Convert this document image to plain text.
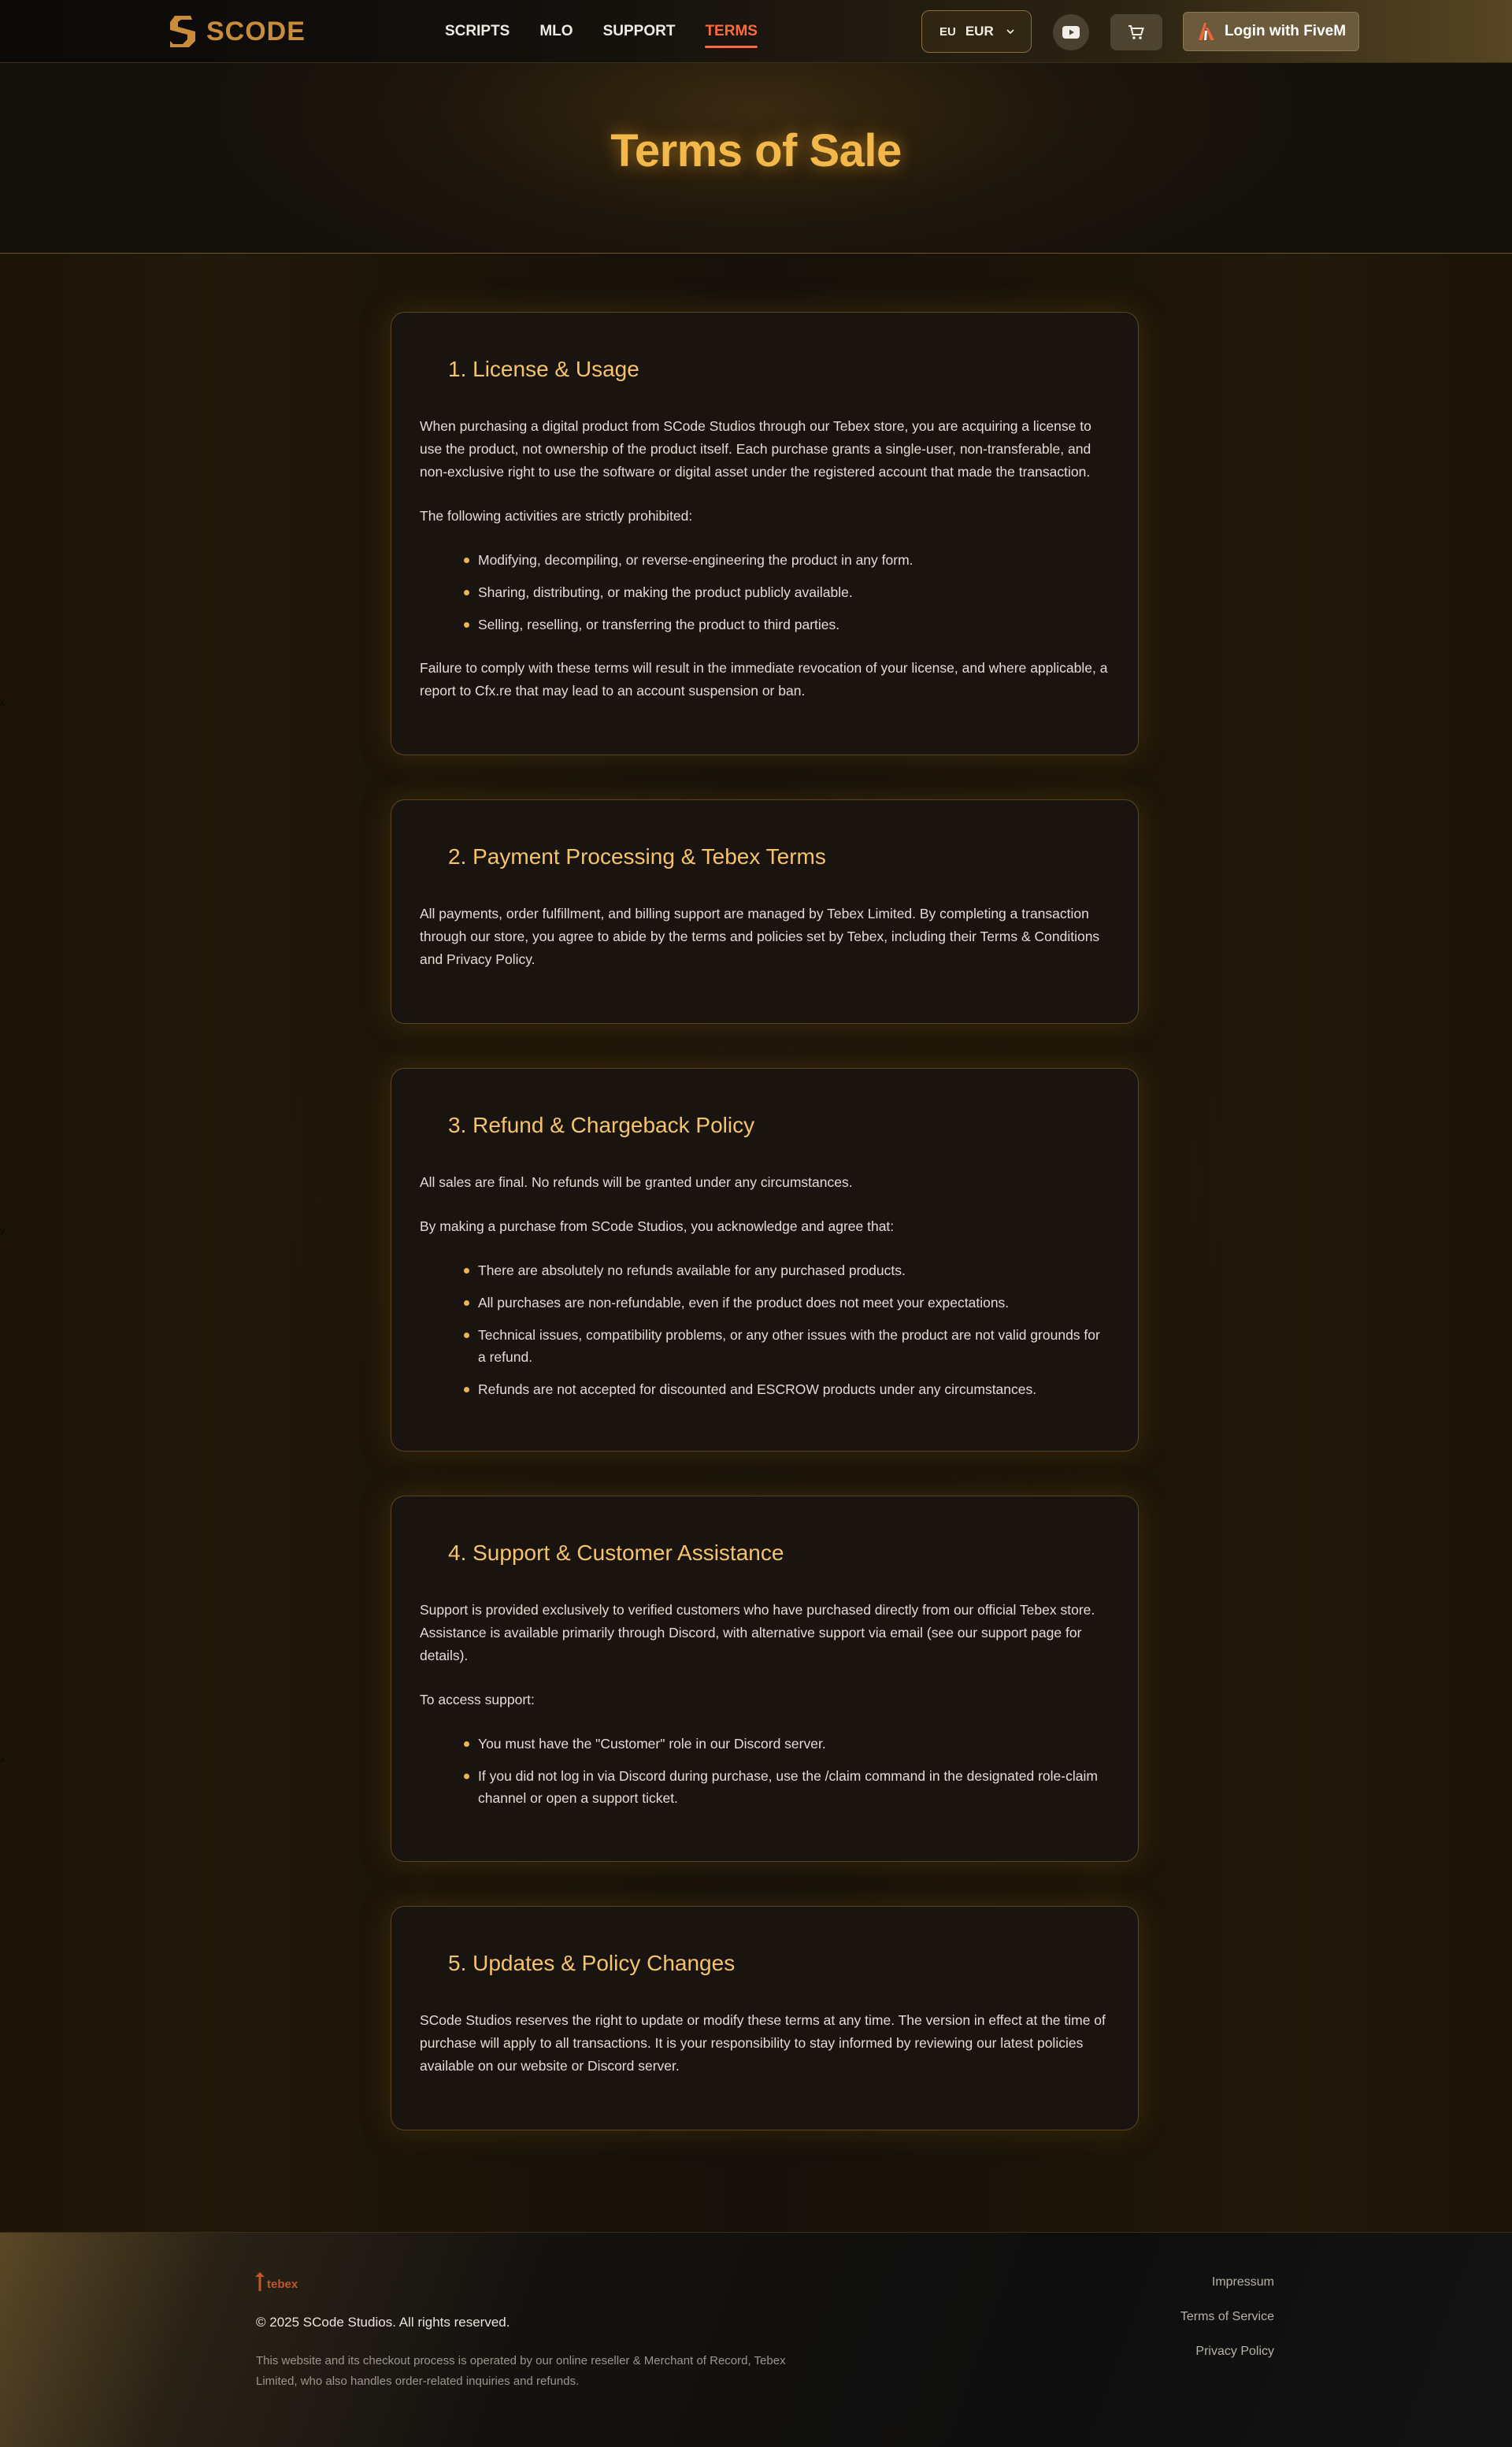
SCODE	SCRIPTS MLO SUPPORT TERMS	EU EUR	Login with FiveM
Terms of Sale
x
y
x
1. License & Usage

When purchasing a digital product from SCode Studios through our Tebex store, you are acquiring a license to use the product, not ownership of the product itself. Each purchase grants a single-user, non-transferable, and non-exclusive right to use the software or digital asset under the registered account that made the transaction.

The following activities are strictly prohibited:

Modifying, decompiling, or reverse-engineering the product in any form.
Sharing, distributing, or making the product publicly available.
Selling, reselling, or transferring the product to third parties.

Failure to comply with these terms will result in the immediate revocation of your license, and where applicable, a report to Cfx.re that may lead to an account suspension or ban.

2. Payment Processing & Tebex Terms

All payments, order fulfillment, and billing support are managed by Tebex Limited. By completing a transaction through our store, you agree to abide by the terms and policies set by Tebex, including their Terms & Conditions and Privacy Policy.

3. Refund & Chargeback Policy

All sales are final. No refunds will be granted under any circumstances.

By making a purchase from SCode Studios, you acknowledge and agree that:

There are absolutely no refunds available for any purchased products.
All purchases are non-refundable, even if the product does not meet your expectations.
Technical issues, compatibility problems, or any other issues with the product are not valid grounds for a refund.
Refunds are not accepted for discounted and ESCROW products under any circumstances.
4. Support & Customer Assistance

Support is provided exclusively to verified customers who have purchased directly from our official Tebex store. Assistance is available primarily through Discord, with alternative support via email (see our support page for details).

To access support:

You must have the "Customer" role in our Discord server.
If you did not log in via Discord during purchase, use the /claim command in the designated role-claim channel or open a support ticket.
5. Updates & Policy Changes

SCode Studios reserves the right to update or modify these terms at any time. The version in effect at the time of purchase will apply to all transactions. It is your responsibility to stay informed by reviewing our latest policies available on our website or Discord server.

tebex
© 2025 SCode Studios. All rights reserved.
This website and its checkout process is operated by our online reseller & Merchant of Record, Tebex Limited, who also handles order-related inquiries and refunds.
Impressum
Terms of Service
Privacy Policy
